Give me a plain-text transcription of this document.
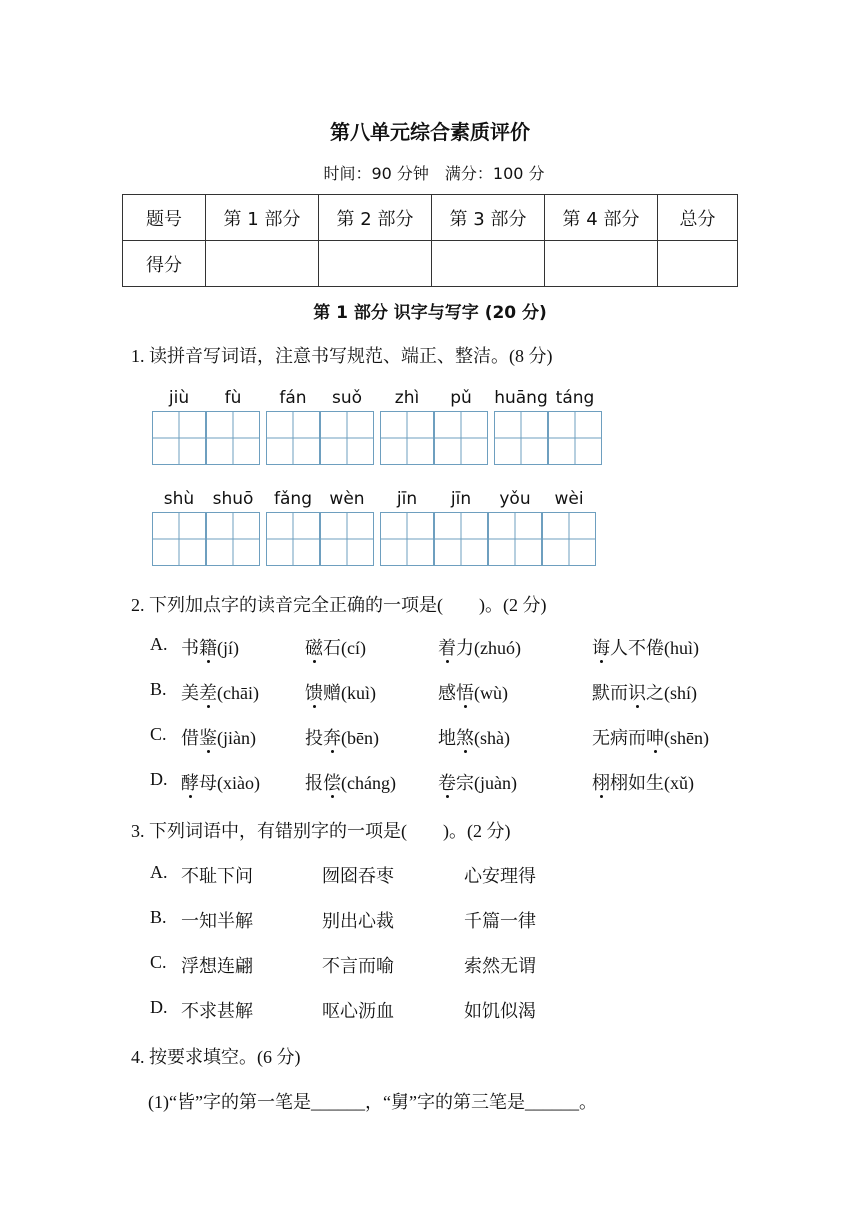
第八单元综合素质评价
时间：90 分钟　满分：100 分
题号	第 1 部分	第 2 部分	第 3 部分	第 4 部分	总分
得分					
第 1 部分 识字与写字 (20 分)
1. 读拼音写词语，注意书写规范、端正、整洁。(8 分)
jiù	fù	fán	suǒ	zhì	pǔ	huāng táng
shù	shuō	fǎng	wèn	jīn	jīn	yǒu	wèi
2. 下列加点字的读音完全正确的一项是(　　)。(2 分)
A. 书籍(jí)	磁石(cí)	着力(zhuó)	诲人不倦(huì)
B. 美差(chāi)	馈赠(kuì)	感悟(wù)	默而识之(shí)
C. 借鉴(jiàn)	投奔(bēn)	地煞(shà)	无病而呻(shēn)
D. 酵母(xiào)	报偿(cháng) 卷宗(juàn)	栩栩如生(xǔ)
3. 下列词语中，有错别字的一项是(　　)。(2 分)
A. 不耻下问	囫囵吞枣	心安理得
B. 一知半解	别出心裁	千篇一律
C. 浮想连翩	不言而喻	索然无谓
D. 不求甚解	呕心沥血	如饥似渴
4. 按要求填空。(6 分)
(1)“皆”字的第一笔是______，“舅”字的第三笔是______。
